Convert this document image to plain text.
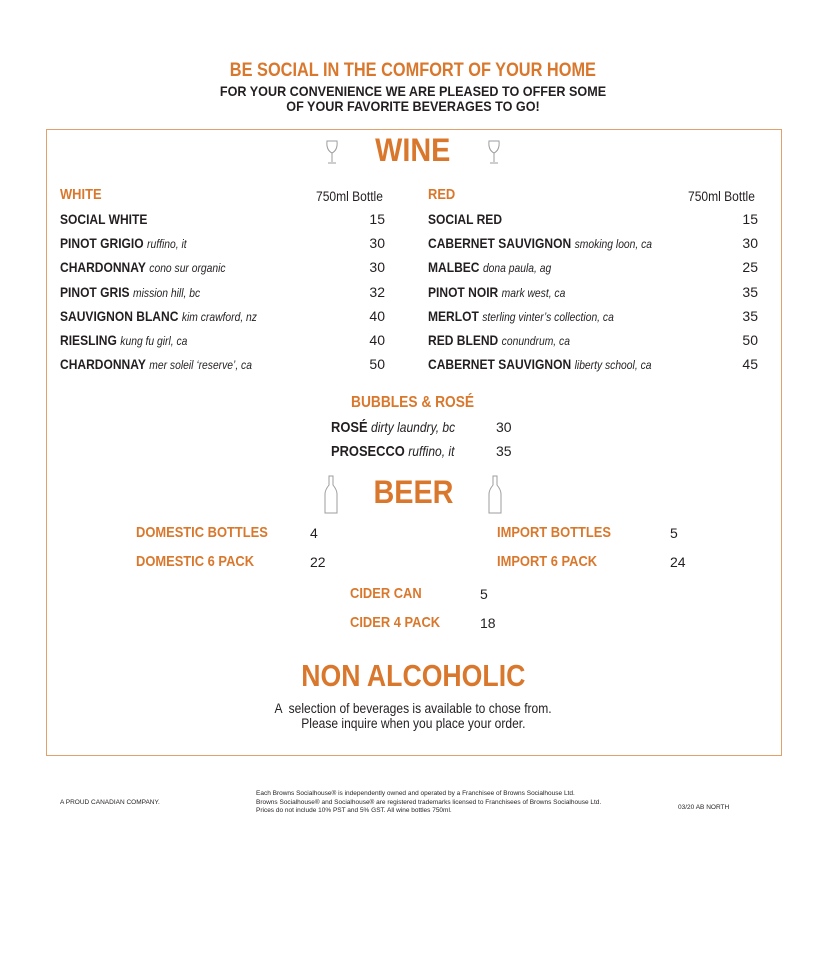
BE SOCIAL IN THE COMFORT OF YOUR HOME
FOR YOUR CONVENIENCE WE ARE PLEASED TO OFFER SOME
OF YOUR FAVORITE BEVERAGES TO GO!
WINE
WHITE	750ml Bottle
SOCIAL WHITE	15
PINOT GRIGIO ruffino, it	30
CHARDONNAY cono sur organic	30
PINOT GRIS mission hill, bc	32
SAUVIGNON BLANC kim crawford, nz	40
RIESLING kung fu girl, ca	40
CHARDONNAY mer soleil ‘reserve’, ca	50
RED	750ml Bottle
SOCIAL RED	15
CABERNET SAUVIGNON smoking loon, ca	30
MALBEC dona paula, ag	25
PINOT NOIR mark west, ca	35
MERLOT sterling vinter’s collection, ca	35
RED BLEND conundrum, ca	50
CABERNET SAUVIGNON liberty school, ca	45
BUBBLES & ROSÉ
ROSÉ dirty laundry, bc	30
PROSECCO ruffino, it	35
BEER
DOMESTIC BOTTLES	4
DOMESTIC 6 PACK	22
IMPORT BOTTLES	5
IMPORT 6 PACK	24
CIDER CAN	5
CIDER 4 PACK	18
NON ALCOHOLIC
A  selection of beverages is available to chose from.
Please inquire when you place your order.
A PROUD CANADIAN COMPANY.
Each Browns Socialhouse® is independently owned and operated by a Franchisee of Browns Socialhouse Ltd.
Browns Socialhouse® and Socialhouse® are registered trademarks licensed to Franchisees of Browns Socialhouse Ltd.
Prices do not include 10% PST and 5% GST. All wine bottles 750ml.	03/20 AB NORTH
